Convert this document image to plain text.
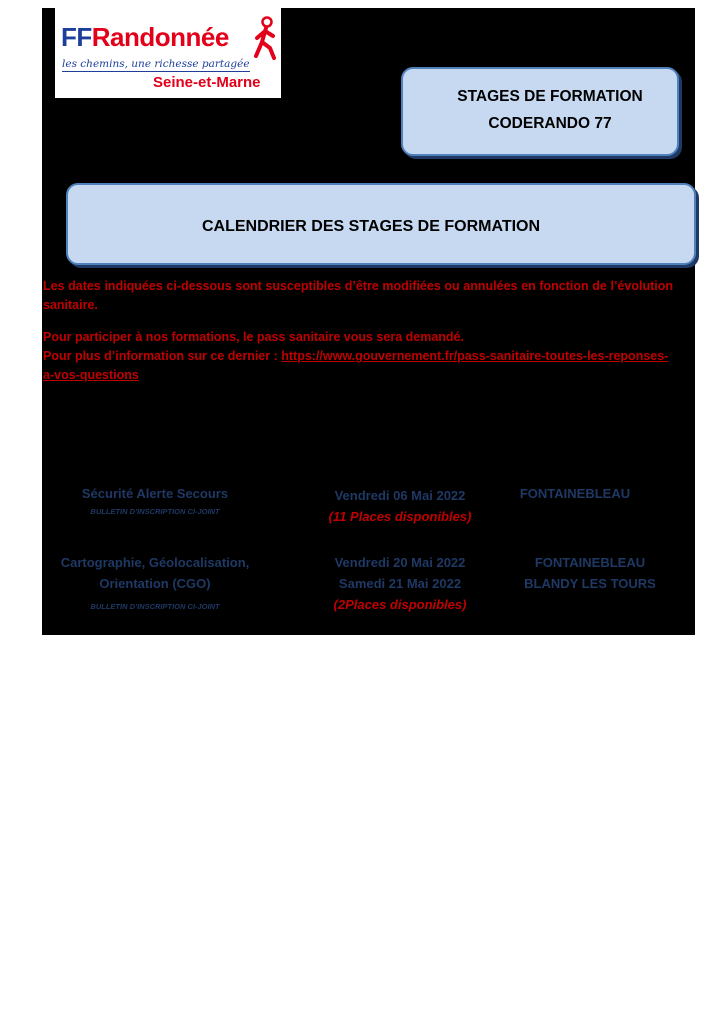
FFRandonnée
les chemins, une richesse partagée
Seine-et-Marne
STAGES DE FORMATION
CODERANDO 77
CALENDRIER DES STAGES DE FORMATION
Les dates indiquées ci-dessous sont susceptibles d’être modifiées ou annulées en fonction de l’évolution sanitaire.
Pour participer à nos formations, le pass sanitaire vous sera demandé.
Pour plus d’information sur ce dernier : https://www.gouvernement.fr/pass-sanitaire-toutes-les-reponses-a-vos-questions
Sécurité Alerte Secours
BULLETIN D’INSCRIPTION CI-JOINT
Vendredi 06 Mai 2022
(11 Places disponibles)
FONTAINEBLEAU
Cartographie, Géolocalisation,
Orientation (CGO)
BULLETIN D’INSCRIPTION CI-JOINT
Vendredi 20 Mai 2022
Samedi 21 Mai 2022
(2Places disponibles)
FONTAINEBLEAU
BLANDY LES TOURS
